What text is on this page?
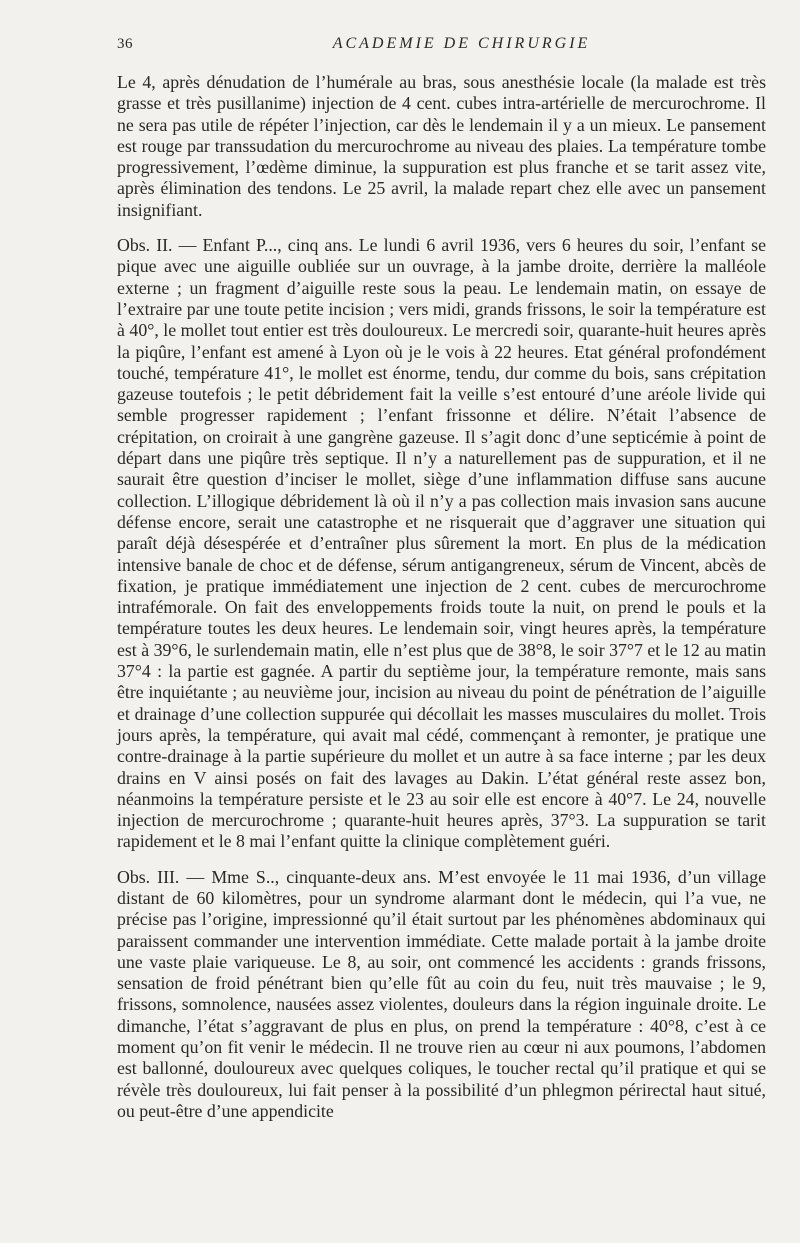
36	ACADEMIE DE CHIRURGIE

Le 4, après dénudation de l’humérale au bras, sous anesthésie locale (la malade est très grasse et très pusillanime) injection de 4 cent. cubes intra-artérielle de mercurochrome. Il ne sera pas utile de répéter l’injection, car dès le lendemain il y a un mieux. Le pansement est rouge par transsudation du mercurochrome au niveau des plaies. La température tombe progressivement, l’œdème diminue, la suppuration est plus franche et se tarit assez vite, après élimination des tendons. Le 25 avril, la malade repart chez elle avec un pansement insignifiant.

Obs. II. — Enfant P..., cinq ans. Le lundi 6 avril 1936, vers 6 heures du soir, l’enfant se pique avec une aiguille oubliée sur un ouvrage, à la jambe droite, derrière la malléole externe ; un fragment d’aiguille reste sous la peau. Le lendemain matin, on essaye de l’extraire par une toute petite incision ; vers midi, grands frissons, le soir la température est à 40°, le mollet tout entier est très douloureux. Le mercredi soir, quarante-huit heures après la piqûre, l’enfant est amené à Lyon où je le vois à 22 heures. Etat général profondément touché, température 41°, le mollet est énorme, tendu, dur comme du bois, sans crépitation gazeuse toutefois ; le petit débridement fait la veille s’est entouré d’une aréole livide qui semble progresser rapidement ; l’enfant frissonne et délire. N’était l’absence de crépitation, on croirait à une gangrène gazeuse. Il s’agit donc d’une septicémie à point de départ dans une piqûre très septique. Il n’y a naturellement pas de suppuration, et il ne saurait être question d’inciser le mollet, siège d’une inflammation diffuse sans aucune collection. L’illogique débridement là où il n’y a pas collection mais invasion sans aucune défense encore, serait une catastrophe et ne risquerait que d’aggraver une situation qui paraît déjà désespérée et d’entraîner plus sûrement la mort. En plus de la médication intensive banale de choc et de défense, sérum antigangreneux, sérum de Vincent, abcès de fixation, je pratique immédiatement une injection de 2 cent. cubes de mercurochrome intrafémorale. On fait des enveloppements froids toute la nuit, on prend le pouls et la température toutes les deux heures. Le lendemain soir, vingt heures après, la température est à 39°6, le surlendemain matin, elle n’est plus que de 38°8, le soir 37°7 et le 12 au matin 37°4 : la partie est gagnée. A partir du septième jour, la température remonte, mais sans être inquiétante ; au neuvième jour, incision au niveau du point de pénétration de l’aiguille et drainage d’une collection suppurée qui décollait les masses musculaires du mollet. Trois jours après, la température, qui avait mal cédé, commençant à remonter, je pratique une contre-drainage à la partie supérieure du mollet et un autre à sa face interne ; par les deux drains en V ainsi posés on fait des lavages au Dakin. L’état général reste assez bon, néanmoins la température persiste et le 23 au soir elle est encore à 40°7. Le 24, nouvelle injection de mercurochrome ; quarante-huit heures après, 37°3. La suppuration se tarit rapidement et le 8 mai l’enfant quitte la clinique complètement guéri.

Obs. III. — Mme S.., cinquante-deux ans. M’est envoyée le 11 mai 1936, d’un village distant de 60 kilomètres, pour un syndrome alarmant dont le médecin, qui l’a vue, ne précise pas l’origine, impressionné qu’il était surtout par les phénomènes abdominaux qui paraissent commander une intervention immédiate. Cette malade portait à la jambe droite une vaste plaie variqueuse. Le 8, au soir, ont commencé les accidents : grands frissons, sensation de froid pénétrant bien qu’elle fût au coin du feu, nuit très mauvaise ; le 9, frissons, somnolence, nausées assez violentes, douleurs dans la région inguinale droite. Le dimanche, l’état s’aggravant de plus en plus, on prend la température : 40°8, c’est à ce moment qu’on fit venir le médecin. Il ne trouve rien au cœur ni aux poumons, l’abdomen est ballonné, douloureux avec quelques coliques, le toucher rectal qu’il pratique et qui se révèle très douloureux, lui fait penser à la possibilité d’un phlegmon périrectal haut situé, ou peut-être d’une appendicite
